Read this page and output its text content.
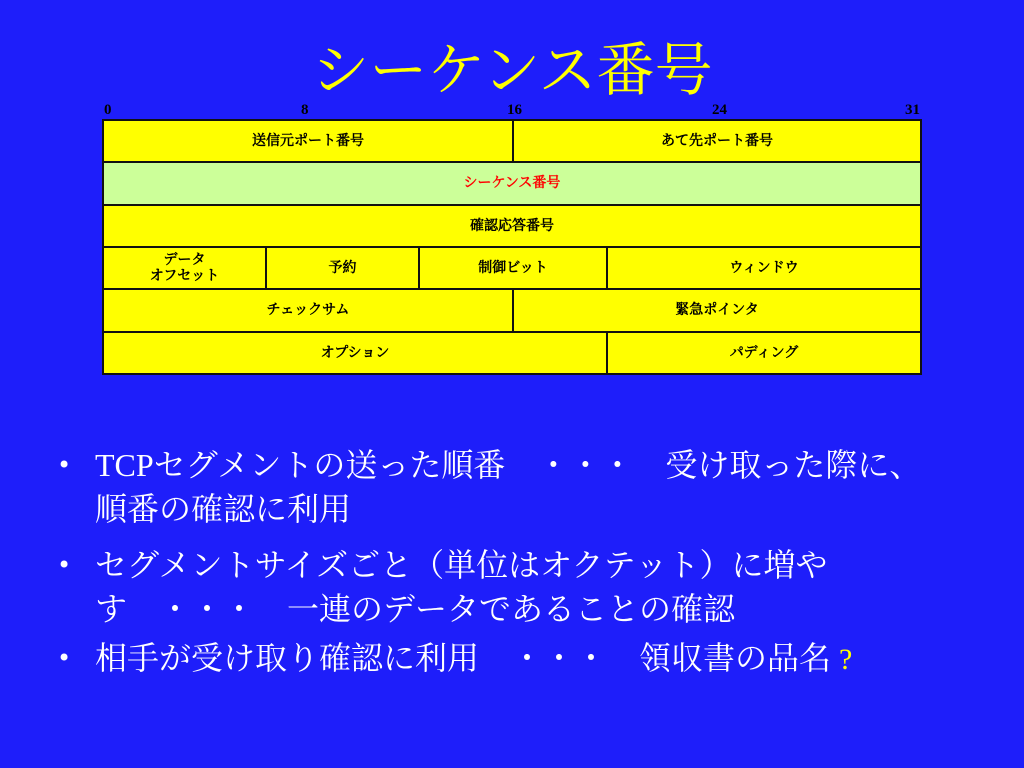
シーケンス番号
0	8	16	24	31
送信元ポート番号	あて先ポート番号
シーケンス番号
確認応答番号
データ
オフセット	予約	制御ビット	ウィンドウ
チェックサム	緊急ポインタ
オプション	パディング
• TCPセグメントの送った順番　・・・　受け取った際に、
順番の確認に利用
• セグメントサイズごと（単位はオクテット）に増や
す　・・・　一連のデータであることの確認
• 相手が受け取り確認に利用　・・・　領収書の品名 ?
